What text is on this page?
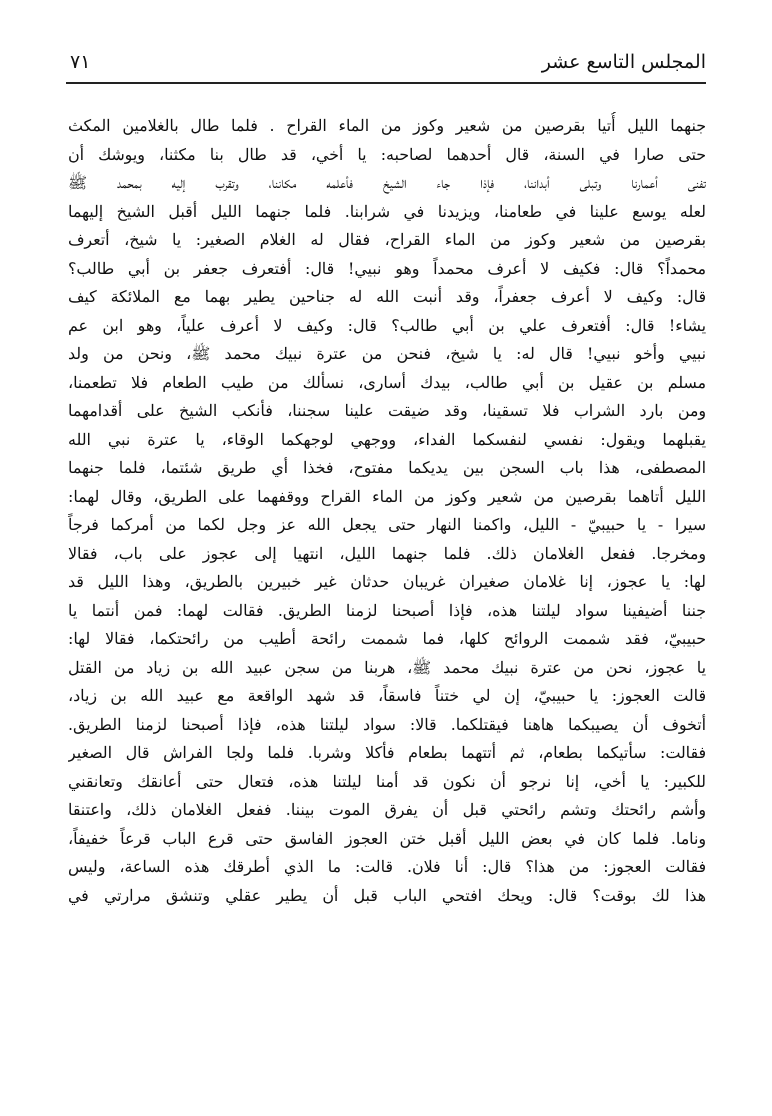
المجلس التاسع عشر
٧١
جنهما الليل أُتيا بقرصين من شعير وكوز من الماء القراح . فلما طال بالغلامين المكث
حتى صارا في السنة، قال أحدهما لصاحبه: يا أخي، قد طال بنا مكثنا، ويوشك أن
تفنى أعمارنا وتبلى أبداننا، فإذا جاء الشيخ فأعلمه مكاننا، وتقرب إليه بمحمد ﷺ
لعله يوسع علينا في طعامنا، ويزيدنا في شرابنا. فلما جنهما الليل أقبل الشيخ إليهما
بقرصين من شعير وكوز من الماء القراح، فقال له الغلام الصغير: يا شيخ، أتعرف
محمداً؟ قال: فكيف لا أعرف محمداً وهو نبيي! قال: أفتعرف جعفر بن أبي طالب؟
قال: وكيف لا أعرف جعفراً، وقد أنبت الله له جناحين يطير بهما مع الملائكة كيف
يشاء! قال: أفتعرف علي بن أبي طالب؟ قال: وكيف لا أعرف علياً، وهو ابن عم
نبيي وأخو نبيي! قال له: يا شيخ، فنحن من عترة نبيك محمد ﷺ، ونحن من ولد
مسلم بن عقيل بن أبي طالب، بيدك أسارى، نسألك من طيب الطعام فلا تطعمنا،
ومن بارد الشراب فلا تسقينا، وقد ضيقت علينا سجننا، فأنكب الشيخ على أقدامهما
يقبلهما ويقول: نفسي لنفسكما الفداء، ووجهي لوجهكما الوقاء، يا عترة نبي الله
المصطفى، هذا باب السجن بين يديكما مفتوح، فخذا أي طريق شئتما، فلما جنهما
الليل أتاهما بقرصين من شعير وكوز من الماء القراح ووقفهما على الطريق، وقال لهما:
سيرا - يا حبيبيّ - الليل، واكمنا النهار حتى يجعل الله عز وجل لكما من أمركما فرجاً
ومخرجا. ففعل الغلامان ذلك. فلما جنهما الليل، انتهيا إلى عجوز على باب، فقالا
لها: يا عجوز، إنا غلامان صغيران غريبان حدثان غير خبيرين بالطريق، وهذا الليل قد
جننا أضيفينا سواد ليلتنا هذه، فإذا أصبحنا لزمنا الطريق. فقالت لهما: فمن أنتما يا
حبيبيّ، فقد شممت الروائح كلها، فما شممت رائحة أطيب من رائحتكما، فقالا لها:
يا عجوز، نحن من عترة نبيك محمد ﷺ، هربنا من سجن عبيد الله بن زياد من القتل
قالت العجوز: يا حبيبيّ، إن لي ختناً فاسقاً، قد شهد الواقعة مع عبيد الله بن زياد،
أتخوف أن يصيبكما هاهنا فيقتلكما. قالا: سواد ليلتنا هذه، فإذا أصبحنا لزمنا الطريق.
فقالت: سأتيكما بطعام، ثم أتتهما بطعام فأكلا وشربا. فلما ولجا الفراش قال الصغير
للكبير: يا أخي، إنا نرجو أن نكون قد أمنا ليلتنا هذه، فتعال حتى أعانقك وتعانقني
وأشم رائحتك وتشم رائحتي قبل أن يفرق الموت بيننا. ففعل الغلامان ذلك، واعتنقا
وناما. فلما كان في بعض الليل أقبل ختن العجوز الفاسق حتى قرع الباب قرعاً خفيفاً،
فقالت العجوز: من هذا؟ قال: أنا فلان. قالت: ما الذي أطرقك هذه الساعة، وليس
هذا لك بوقت؟ قال: ويحك افتحي الباب قبل أن يطير عقلي وتنشق مرارتي في
